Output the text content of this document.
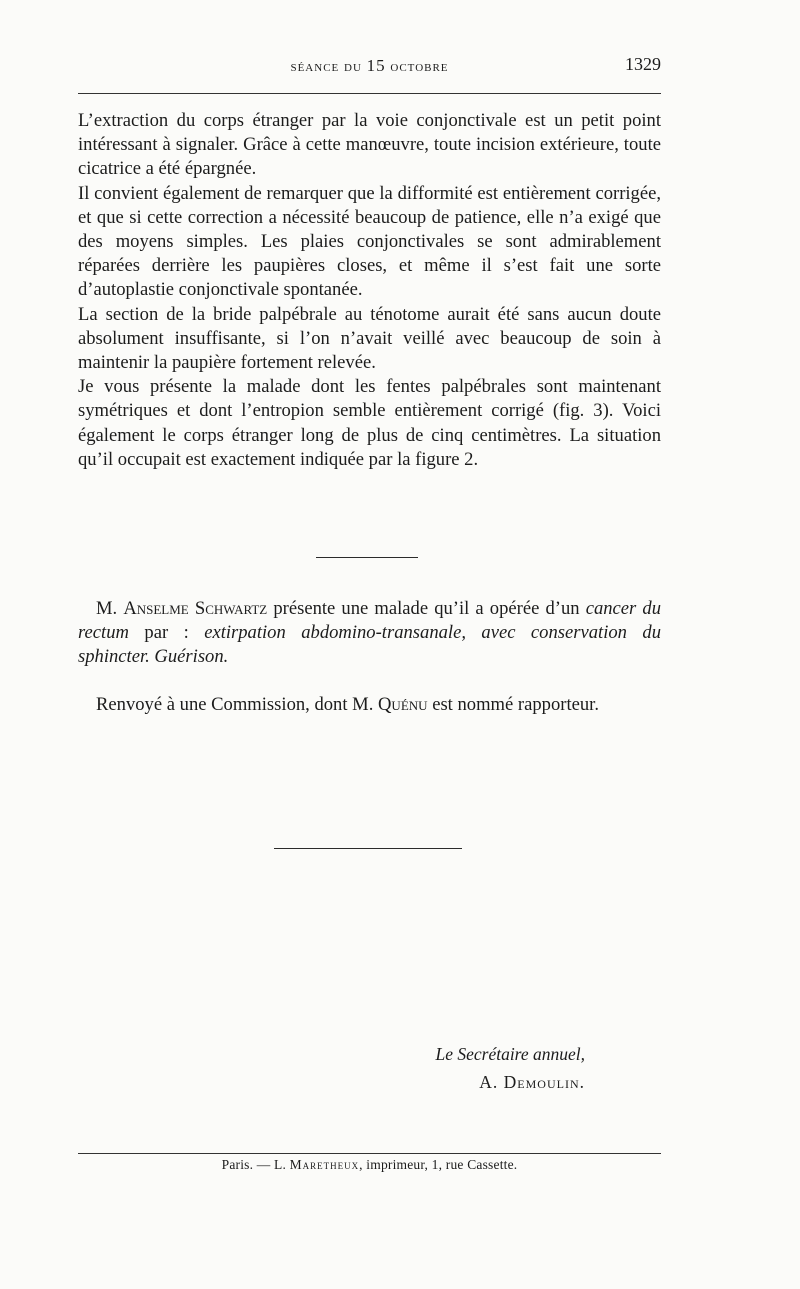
séance du 15 octobre	1329

L’extraction du corps étranger par la voie conjonctivale est un petit point intéressant à signaler. Grâce à cette manœuvre, toute incision extérieure, toute cicatrice a été épargnée.

Il convient également de remarquer que la difformité est entièrement corrigée, et que si cette correction a nécessité beaucoup de patience, elle n’a exigé que des moyens simples. Les plaies conjonctivales se sont admirablement réparées derrière les paupières closes, et même il s’est fait une sorte d’autoplastie conjonctivale spontanée.

La section de la bride palpébrale au ténotome aurait été sans aucun doute absolument insuffisante, si l’on n’avait veillé avec beaucoup de soin à maintenir la paupière fortement relevée.

Je vous présente la malade dont les fentes palpébrales sont maintenant symétriques et dont l’entropion semble entièrement corrigé (fig. 3). Voici également le corps étranger long de plus de cinq centimètres. La situation qu’il occupait est exactement indiquée par la figure 2.

M. Anselme Schwartz présente une malade qu’il a opérée d’un cancer du rectum par : extirpation abdomino-transanale, avec conservation du sphincter. Guérison.

Renvoyé à une Commission, dont M. Quénu est nommé rapporteur.

Le Secrétaire annuel,
A. Demoulin.
Paris. — L. Maretheux, imprimeur, 1, rue Cassette.
